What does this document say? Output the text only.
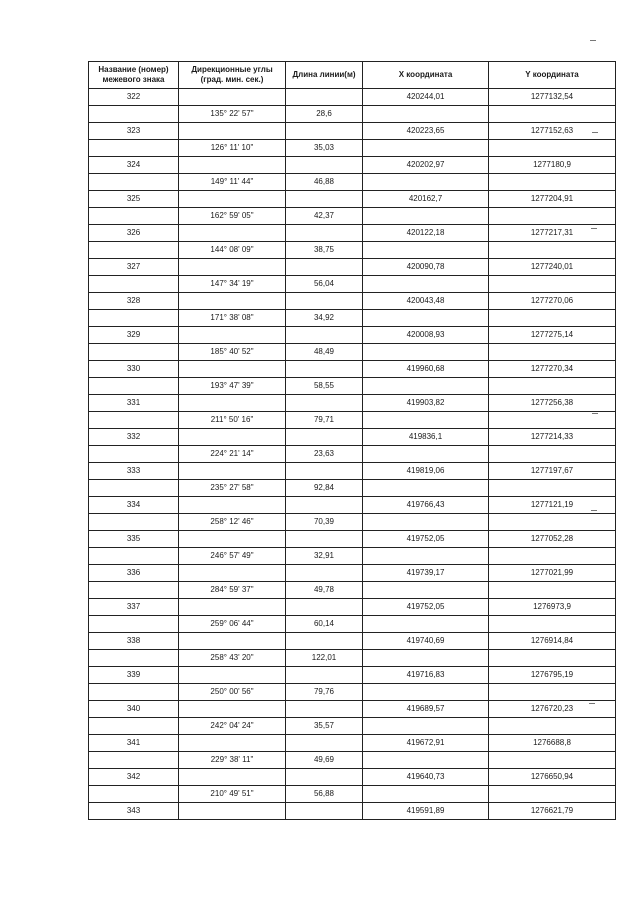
Название (номер) межевого знака	Дирекционные углы (град. мин. сек.)	Длина линии(м)	X координата	Y координата
322			420244,01	1277132,54
	135° 22' 57"	28,6		
323			420223,65	1277152,63
	126° 11' 10"	35,03		
324			420202,97	1277180,9
	149° 11' 44"	46,88		
325			420162,7	1277204,91
	162° 59' 05"	42,37		
326			420122,18	1277217,31
	144° 08' 09"	38,75		
327			420090,78	1277240,01
	147° 34' 19"	56,04		
328			420043,48	1277270,06
	171° 38' 08"	34,92		
329			420008,93	1277275,14
	185° 40' 52"	48,49		
330			419960,68	1277270,34
	193° 47' 39"	58,55		
331			419903,82	1277256,38
	211° 50' 16"	79,71		
332			419836,1	1277214,33
	224° 21' 14"	23,63		
333			419819,06	1277197,67
	235° 27' 58"	92,84		
334			419766,43	1277121,19
	258° 12' 46"	70,39		
335			419752,05	1277052,28
	246° 57' 49"	32,91		
336			419739,17	1277021,99
	284° 59' 37"	49,78		
337			419752,05	1276973,9
	259° 06' 44"	60,14		
338			419740,69	1276914,84
	258° 43' 20"	122,01		
339			419716,83	1276795,19
	250° 00' 56"	79,76		
340			419689,57	1276720,23
	242° 04' 24"	35,57		
341			419672,91	1276688,8
	229° 38' 11"	49,69		
342			419640,73	1276650,94
	210° 49' 51"	56,88		
343			419591,89	1276621,79
